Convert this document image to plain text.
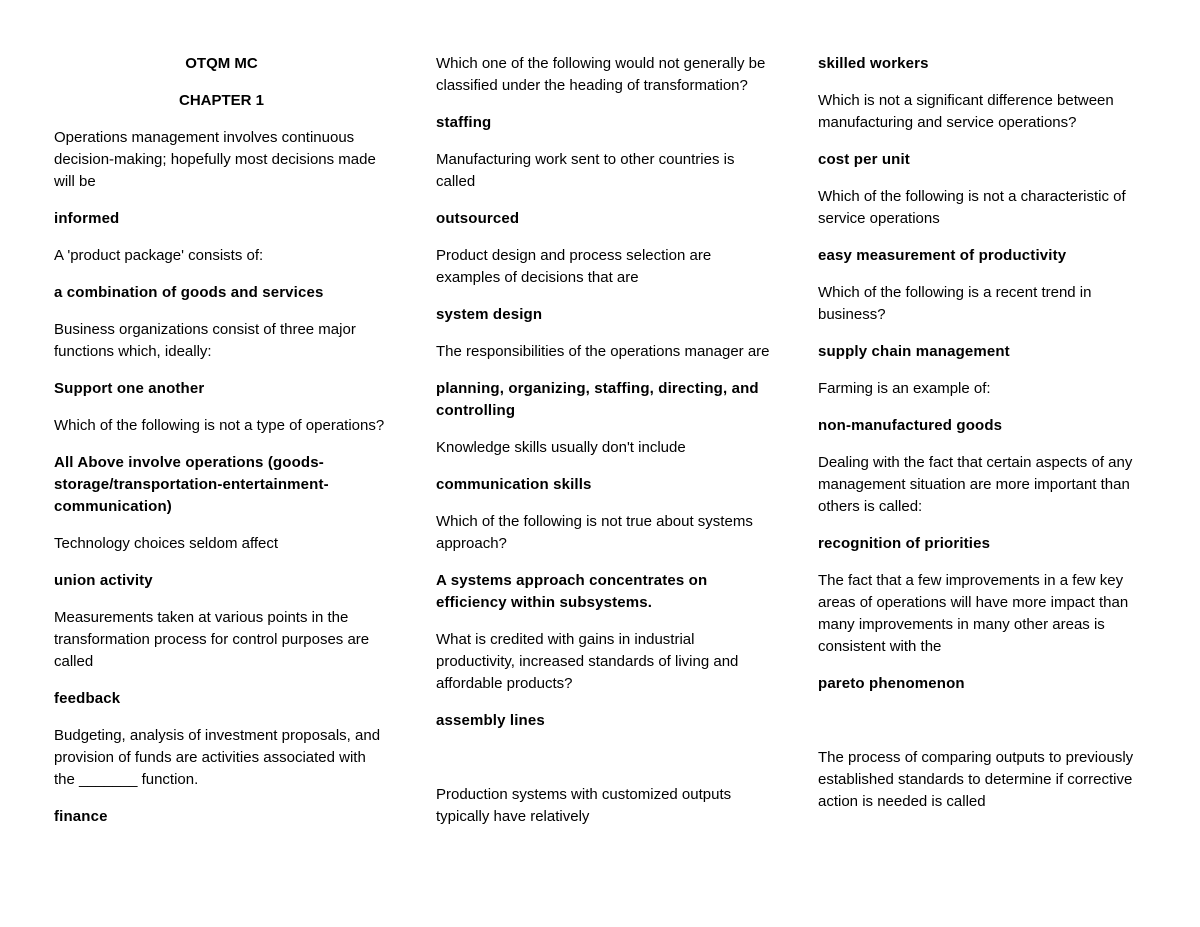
OTQM MC

CHAPTER 1

Operations management involves continuous decision-making; hopefully most decisions made will be

informed

A 'product package' consists of:

a combination of goods and services

Business organizations consist of three major functions which, ideally:

Support one another

Which of the following is not a type of operations?

All Above involve operations (goods-storage/transportation-entertainment-communication)

Technology choices seldom affect

union activity

Measurements taken at various points in the transformation process for control purposes are called

feedback

Budgeting, analysis of investment proposals, and provision of funds are activities associated with the _______ function.

finance

Which one of the following would not generally be classified under the heading of transformation?

staffing

Manufacturing work sent to other countries is called

outsourced

Product design and process selection are examples of decisions that are

system design

The responsibilities of the operations manager are

planning, organizing, staffing, directing, and controlling

Knowledge skills usually don't include

communication skills

Which of the following is not true about systems approach?

A systems approach concentrates on efficiency within subsystems.

What is credited with gains in industrial productivity, increased standards of living and affordable products?

assembly lines

Production systems with customized outputs typically have relatively

skilled workers

Which is not a significant difference between manufacturing and service operations?

cost per unit

Which of the following is not a characteristic of service operations

easy measurement of productivity

Which of the following is a recent trend in business?

supply chain management

Farming is an example of:

non-manufactured goods

Dealing with the fact that certain aspects of any management situation are more important than others is called:

recognition of priorities

The fact that a few improvements in a few key areas of operations will have more impact than many improvements in many other areas is consistent with the

pareto phenomenon

The process of comparing outputs to previously established standards to determine if corrective action is needed is called
